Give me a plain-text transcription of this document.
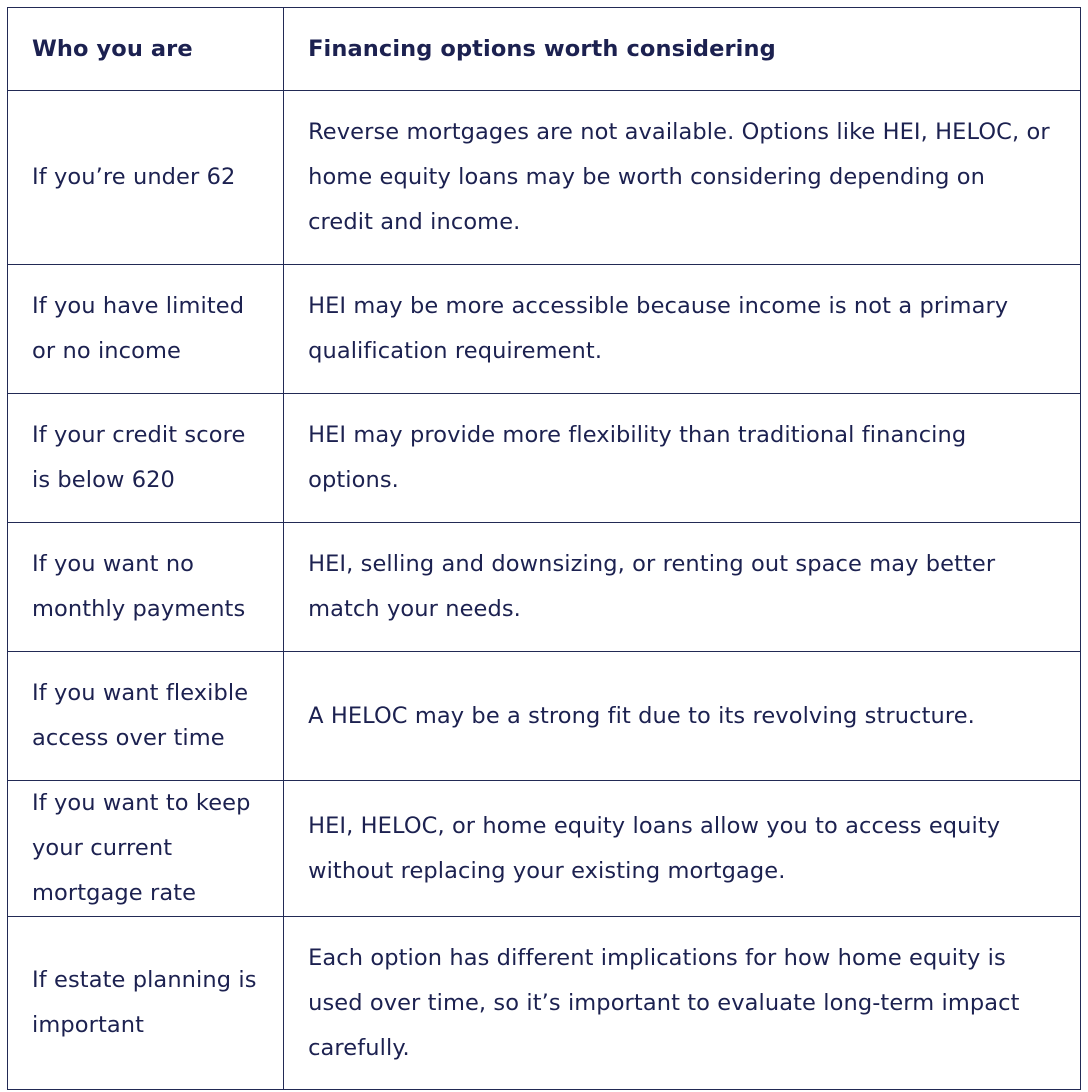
Who you are	Financing options worth considering
If you’re under 62	Reverse mortgages are not available. Options like HEI, HELOC, or home equity loans may be worth considering depending on credit and income.
If you have limited or no income	HEI may be more accessible because income is not a primary qualification requirement.
If your credit score is below 620	HEI may provide more flexibility than traditional financing options.
If you want no monthly payments	HEI, selling and downsizing, or renting out space may better match your needs.
If you want flexible access over time	A HELOC may be a strong fit due to its revolving structure.
If you want to keep your current mortgage rate	HEI, HELOC, or home equity loans allow you to access equity without replacing your existing mortgage.
If estate planning is important	Each option has different implications for how home equity is used over time, so it’s important to evaluate long-term impact carefully.
